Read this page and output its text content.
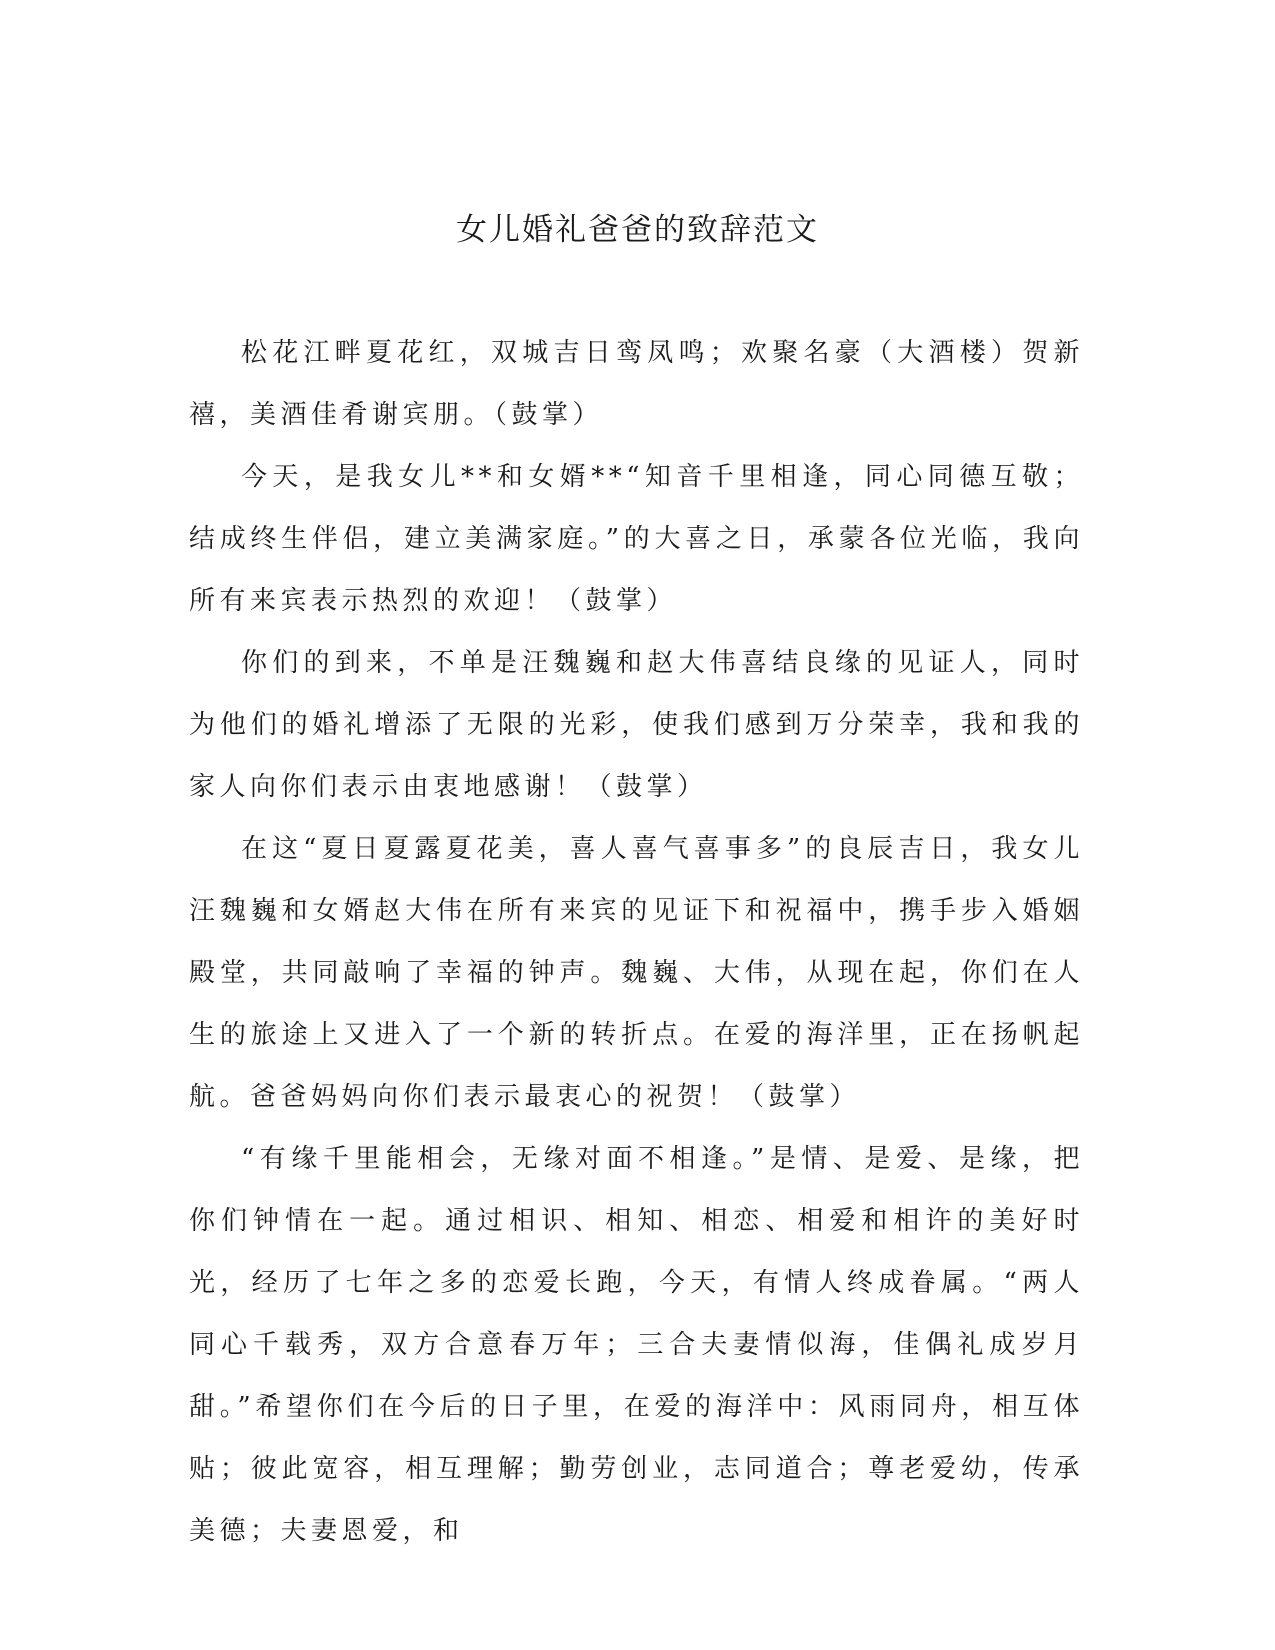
女儿婚礼爸爸的致辞范文

松花江畔夏花红，双城吉日鸾凤鸣；欢聚名豪（大酒楼）贺新禧，美酒佳肴谢宾朋。（鼓掌）

今天，是我女儿**和女婿**“知音千里相逢，同心同德互敬；结成终生伴侣，建立美满家庭。”的大喜之日，承蒙各位光临，我向所有来宾表示热烈的欢迎！（鼓掌）

你们的到来，不单是汪魏巍和赵大伟喜结良缘的见证人，同时为他们的婚礼增添了无限的光彩，使我们感到万分荣幸，我和我的家人向你们表示由衷地感谢！（鼓掌）

在这“夏日夏露夏花美，喜人喜气喜事多”的良辰吉日，我女儿汪魏巍和女婿赵大伟在所有来宾的见证下和祝福中，携手步入婚姻殿堂，共同敲响了幸福的钟声。魏巍、大伟，从现在起，你们在人生的旅途上又进入了一个新的转折点。在爱的海洋里，正在扬帆起航。爸爸妈妈向你们表示最衷心的祝贺！（鼓掌）

“有缘千里能相会，无缘对面不相逢。”是情、是爱、是缘，把你们钟情在一起。通过相识、相知、相恋、相爱和相许的美好时光，经历了七年之多的恋爱长跑，今天，有情人终成眷属。“两人同心千载秀，双方合意春万年；三合夫妻情似海，佳偶礼成岁月甜。”希望你们在今后的日子里，在爱的海洋中：风雨同舟，相互体贴；彼此宽容，相互理解；勤劳创业，志同道合；尊老爱幼，传承美德；夫妻恩爱，和
